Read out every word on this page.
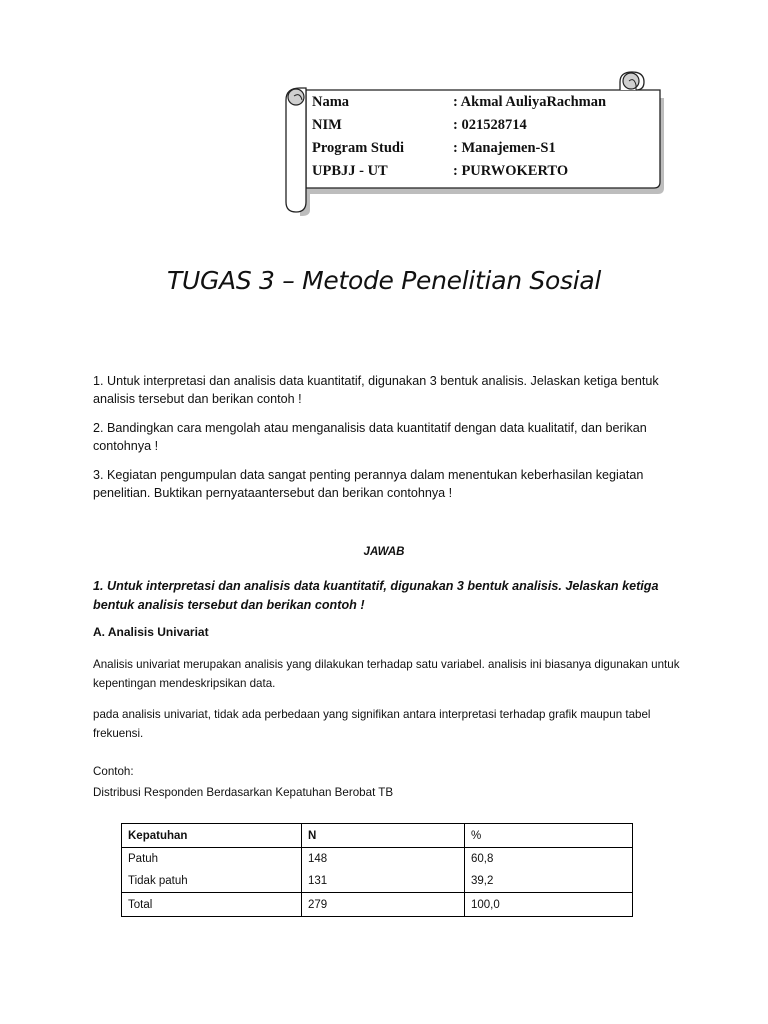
Nama	: Akmal AuliyaRachman
NIM	: 021528714
Program Studi	: Manajemen-S1
UPBJJ - UT	: PURWOKERTO
TUGAS 3 – Metode Penelitian Sosial

1. Untuk interpretasi dan analisis data kuantitatif, digunakan 3 bentuk analisis. Jelaskan ketiga bentuk analisis tersebut dan berikan contoh !

2. Bandingkan cara mengolah atau menganalisis data kuantitatif dengan data kualitatif, dan berikan contohnya !

3. Kegiatan pengumpulan data sangat penting perannya dalam menentukan keberhasilan kegiatan penelitian. Buktikan pernyataantersebut dan berikan contohnya !

JAWAB
1. Untuk interpretasi dan analisis data kuantitatif, digunakan 3 bentuk analisis. Jelaskan ketiga bentuk analisis tersebut dan berikan contoh !
A. Analisis Univariat
Analisis univariat merupakan analisis yang dilakukan terhadap satu variabel. analisis ini biasanya digunakan untuk kepentingan mendeskripsikan data.
pada analisis univariat, tidak ada perbedaan yang signifikan antara interpretasi terhadap grafik maupun tabel frekuensi.
Contoh:
Distribusi Responden Berdasarkan Kepatuhan Berobat TB
Kepatuhan	N	%
Patuh	148	60,8
Tidak patuh	131	39,2
Total	279	100,0
